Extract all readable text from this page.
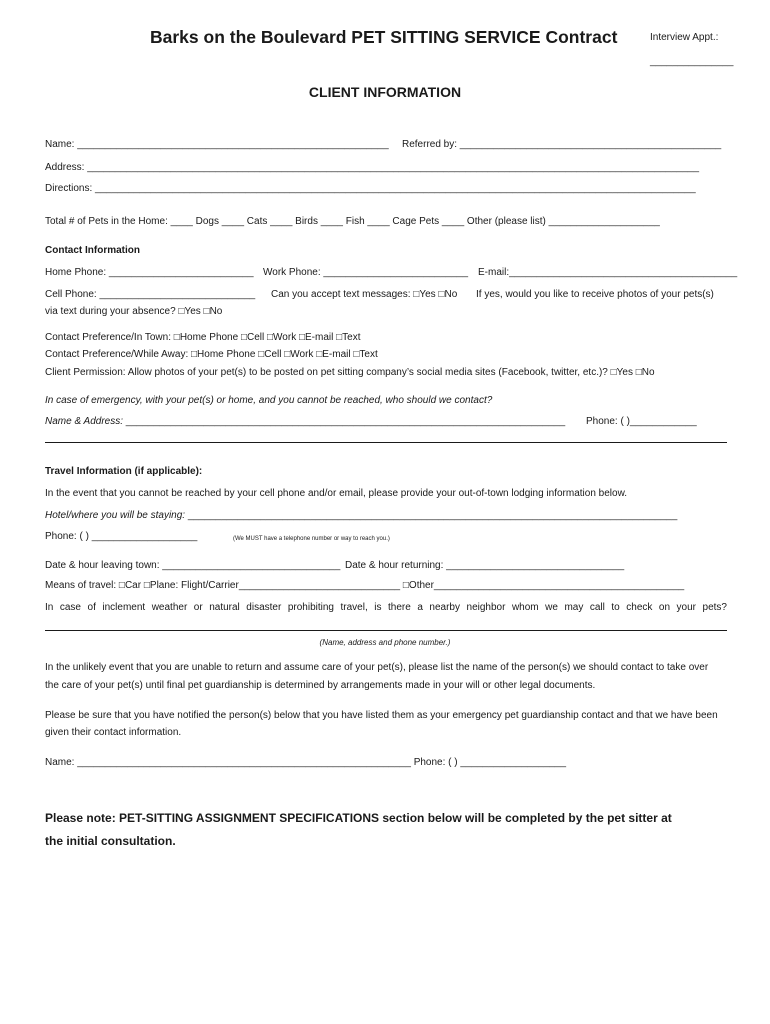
Barks on the Boulevard PET SITTING SERVICE Contract	Interview Appt.:
_______________
CLIENT INFORMATION
Name: ________________________________________________________ Referred by: _______________________________________________
Address: ______________________________________________________________________________________________________________
Directions: ____________________________________________________________________________________________________________
Total # of Pets in the Home: ____ Dogs ____ Cats ____ Birds ____ Fish ____ Cage Pets ____ Other (please list) ____________________
Contact Information
Home Phone: __________________________ Work Phone: __________________________ E-mail:_________________________________________
Cell Phone: ____________________________ Can you accept text messages: □Yes □No If yes, would you like to receive photos of your pets(s)
via text during your absence? □Yes □No
Contact Preference/In Town: □Home Phone □Cell □Work □E-mail □Text
Contact Preference/While Away: □Home Phone □Cell □Work □E-mail □Text
Client Permission: Allow photos of your pet(s) to be posted on pet sitting company’s social media sites (Facebook, twitter, etc.)? □Yes □No
In case of emergency, with your pet(s) or home, and you cannot be reached, who should we contact?
Name & Address: _______________________________________________________________________________ Phone: ( )____________
Travel Information (if applicable):
In the event that you cannot be reached by your cell phone and/or email, please provide your out-of-town lodging information below.
Hotel/where you will be staying: ________________________________________________________________________________________
Phone: ( ) ___________________	(We MUST have a telephone number or way to reach you.)
Date & hour leaving town: ________________________________ Date & hour returning: ________________________________
Means of travel: □Car □Plane: Flight/Carrier_____________________________ □Other_____________________________________________
In case of inclement weather or natural disaster prohibiting travel, is there a nearby neighbor whom we may call to check on your pets?
(Name, address and phone number.)
In the unlikely event that you are unable to return and assume care of your pet(s), please list the name of the person(s) we should contact to take over
the care of your pet(s) until final pet guardianship is determined by arrangements made in your will or other legal documents.
Please be sure that you have notified the person(s) below that you have listed them as your emergency pet guardianship contact and that we have been
given their contact information.
Name: ____________________________________________________________ Phone: ( ) ___________________
Please note: PET-SITTING ASSIGNMENT SPECIFICATIONS section below will be completed by the pet sitter at
the initial consultation.
